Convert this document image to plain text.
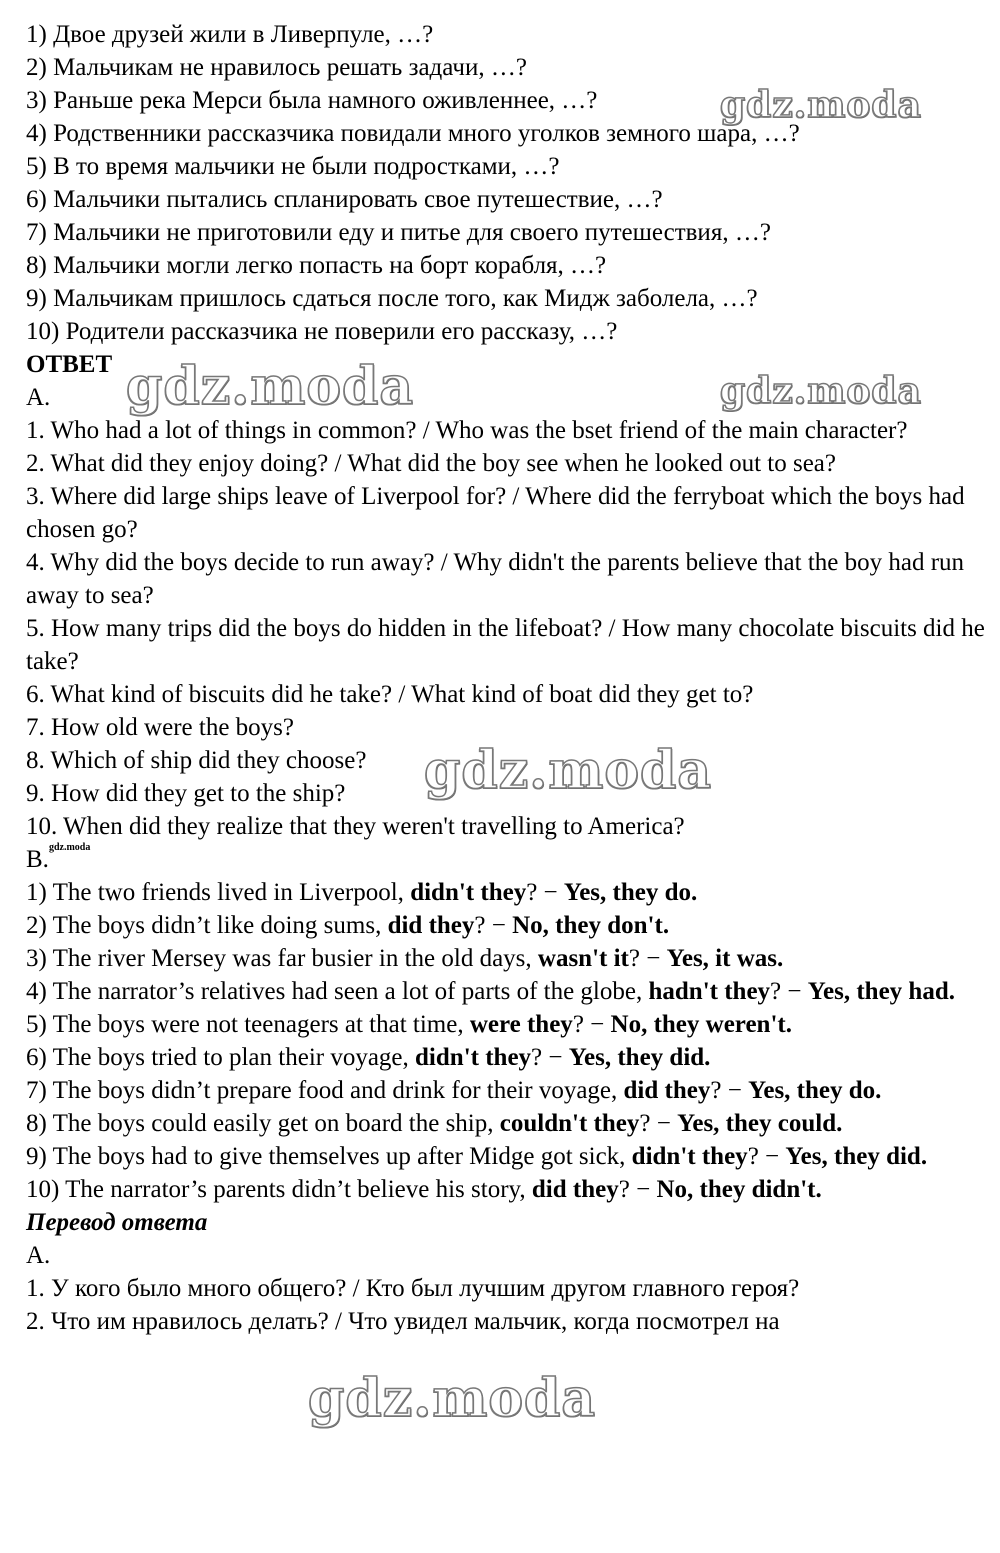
gdz.moda
gdz.moda	gdz.moda
gdz.moda
gdz.moda
1) Двое друзей жили в Ливерпуле, …?
2) Мальчикам не нравилось решать задачи, …?
3) Раньше река Мерси была намного оживленнее, …?
4) Родственники рассказчика повидали много уголков земного шара, …?
5) В то время мальчики не были подростками, …?
6) Мальчики пытались спланировать свое путешествие, …?
7) Мальчики не приготовили еду и питье для своего путешествия, …?
8) Мальчики могли легко попасть на борт корабля, …?
9) Мальчикам пришлось сдаться после того, как Мидж заболела, …?
10) Родители рассказчика не поверили его рассказу, …?
ОТВЕТ
A.
1. Who had a lot of things in common? / Who was the bset friend of the main character?
2. What did they enjoy doing? / What did the boy see when he looked out to sea?
3. Where did large ships leave of Liverpool for? / Where did the ferryboat which the boys had chosen go?
4. Why did the boys decide to run away? / Why didn't the parents believe that the boy had run away to sea?
5. How many trips did the boys do hidden in the lifeboat? / How many chocolate biscuits did he take?
6. What kind of biscuits did he take? / What kind of boat did they get to?
7. How old were the boys?
8. Which of ship did they choose?
9. How did they get to the ship?
10. When did they realize that they weren't travelling to America?
B.$^{gdz.moda}$
1) The two friends lived in Liverpool, didn't they? − Yes, they do.
2) The boys didn’t like doing sums, did they? − No, they don't.
3) The river Mersey was far busier in the old days, wasn't it? − Yes, it was.
4) The narrator’s relatives had seen a lot of parts of the globe, hadn't they? − Yes, they had.
5) The boys were not teenagers at that time, were they? − No, they weren't.
6) The boys tried to plan their voyage, didn't they? − Yes, they did.
7) The boys didn’t prepare food and drink for their voyage, did they? − Yes, they do.
8) The boys could easily get on board the ship, couldn't they? − Yes, they could.
9) The boys had to give themselves up after Midge got sick, didn't they? − Yes, they did.
10) The narrator’s parents didn’t believe his story, did they? − No, they didn't.
Перевод ответа
A.
1. У кого было много общего? / Кто был лучшим другом главного героя?
2. Что им нравилось делать? / Что увидел мальчик, когда посмотрел на
